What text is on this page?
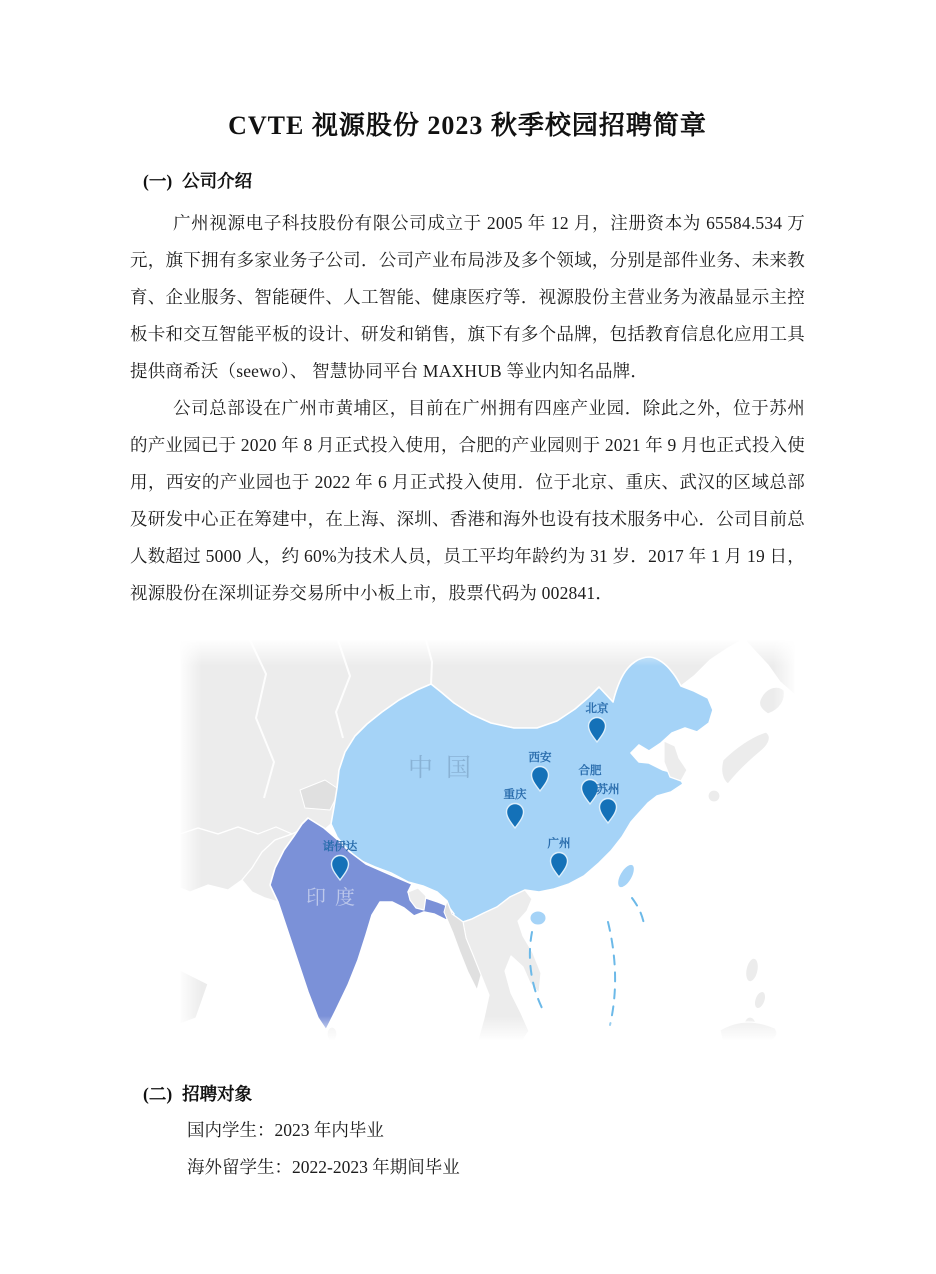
CVTE 视源股份 2023 秋季校园招聘简章
(一) 公司介绍

广州视源电子科技股份有限公司成立于 2005 年 12 月，注册资本为 65584.534 万元，旗下拥有多家业务子公司．公司产业布局涉及多个领域，分别是部件业务、未来教育、企业服务、智能硬件、人工智能、健康医疗等．视源股份主营业务为液晶显示主控板卡和交互智能平板的设计、研发和销售，旗下有多个品牌，包括教育信息化应用工具提供商希沃（seewo）、 智慧协同平台 MAXHUB 等业内知名品牌．

公司总部设在广州市黄埔区，目前在广州拥有四座产业园．除此之外，位于苏州的产业园已于 2020 年 8 月正式投入使用，合肥的产业园则于 2021 年 9 月也正式投入使用，西安的产业园也于 2022 年 6 月正式投入使用．位于北京、重庆、武汉的区域总部及研发中心正在筹建中，在上海、深圳、香港和海外也设有技术服务中心．公司目前总人数超过 5000 人，约 60%为技术人员，员工平均年龄约为 31 岁．2017 年 1 月 19 日，视源股份在深圳证券交易所中小板上市，股票代码为 002841．

中国
印度
北京
西安
合肥
苏州
重庆
广州
诺伊达
(二) 招聘对象
国内学生：2023 年内毕业
海外留学生：2022-2023 年期间毕业
